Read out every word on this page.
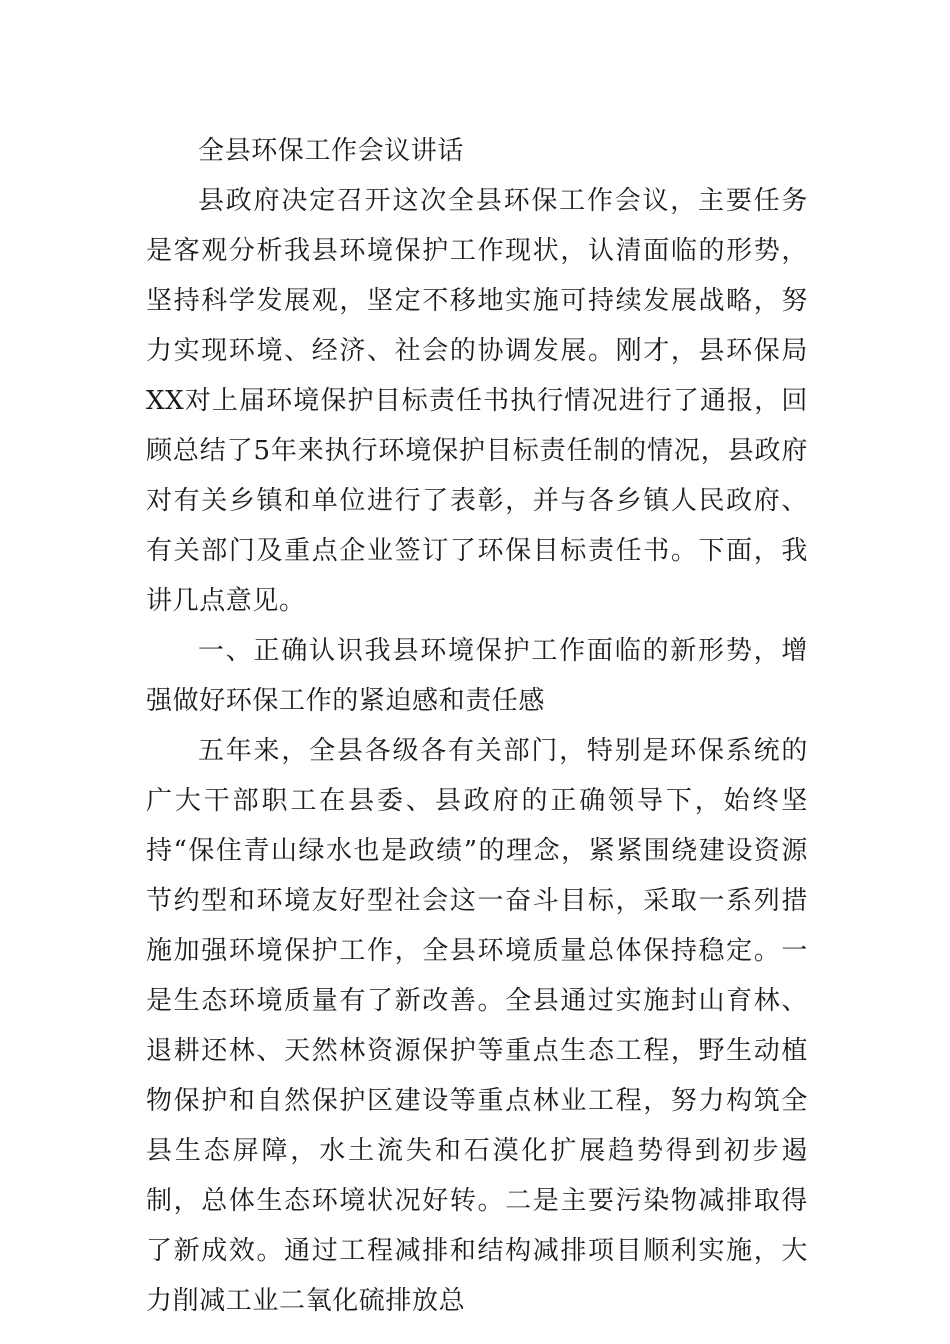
全县环保工作会议讲话

县政府决定召开这次全县环保工作会议，主要任务是客观分析我县环境保护工作现状，认清面临的形势，坚持科学发展观，坚定不移地实施可持续发展战略，努力实现环境、经济、社会的协调发展。刚才，县环保局XX对上届环境保护目标责任书执行情况进行了通报，回顾总结了5年来执行环境保护目标责任制的情况，县政府对有关乡镇和单位进行了表彰，并与各乡镇人民政府、有关部门及重点企业签订了环保目标责任书。下面，我讲几点意见。

一、正确认识我县环境保护工作面临的新形势，增强做好环保工作的紧迫感和责任感

五年来，全县各级各有关部门，特别是环保系统的广大干部职工在县委、县政府的正确领导下，始终坚持“保住青山绿水也是政绩”的理念，紧紧围绕建设资源节约型和环境友好型社会这一奋斗目标，采取一系列措施加强环境保护工作，全县环境质量总体保持稳定。一是生态环境质量有了新改善。全县通过实施封山育林、退耕还林、天然林资源保护等重点生态工程，野生动植物保护和自然保护区建设等重点林业工程，努力构筑全县生态屏障，水土流失和石漠化扩展趋势得到初步遏制，总体生态环境状况好转。二是主要污染物减排取得了新成效。通过工程减排和结构减排项目顺利实施，大力削减工业二氧化硫排放总
